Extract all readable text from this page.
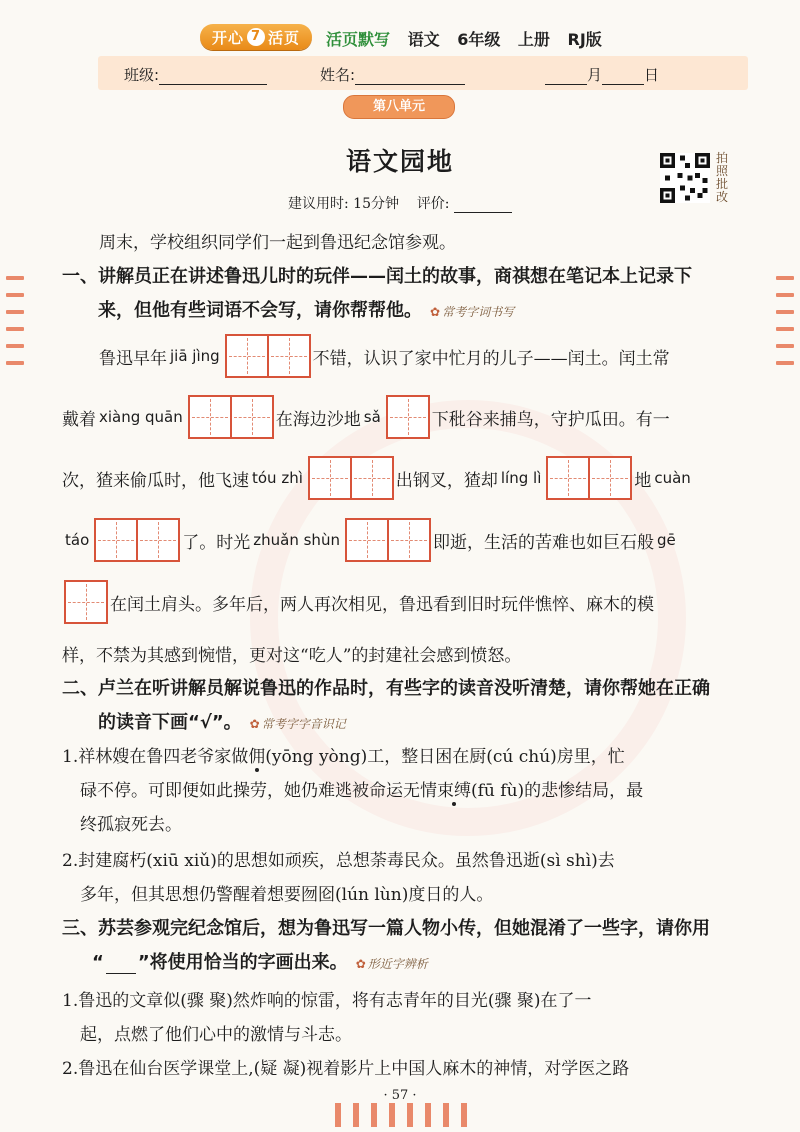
开心 7 活页 活页默写 语文 6年级 上册 RJ版
班级:	姓名:	月	日
第八单元
语文园地	拍照批改
建议用时: 15分钟 评价:
周末，学校组织同学们一起到鲁迅纪念馆参观。
一、讲解员正在讲述鲁迅儿时的玩伴——闰土的故事，商祺想在笔记本上记录下
来，但他有些词语不会写，请你帮帮他。 ✿ 常考字词书写
鲁迅早年 jiā jìng	不错，认识了家中忙月的儿子——闰土。闰土常
戴着 xiàng quān	在海边沙地 sǎ	下秕谷来捕鸟，守护瓜田。有一
次，猹来偷瓜时，他飞速 tóu zhì	出钢叉，猹却 líng lì	地 cuàn
táo	了。时光 zhuǎn shùn	即逝，生活的苦难也如巨石般 gē
在闰土肩头。多年后，两人再次相见，鲁迅看到旧时玩伴憔悴、麻木的模
样，不禁为其感到惋惜，更对这“吃人”的封建社会感到愤怒。
二、卢兰在听讲解员解说鲁迅的作品时，有些字的读音没听清楚，请你帮她在正确
的读音下画“√”。 ✿ 常考字字音识记
1.祥林嫂在鲁四老爷家做佣(yōng yòng)工，整日困在厨(cú chú)房里，忙
碌不停。可即便如此操劳，她仍难逃被命运无情束缚(fū fù)的悲惨结局，最
终孤寂死去。
2.封建腐朽(xiū xiǔ)的思想如顽疾，总想荼毒民众。虽然鲁迅逝(sì shì)去
多年，但其思想仍警醒着想要囫囵(lún lùn)度日的人。
三、苏芸参观完纪念馆后，想为鲁迅写一篇人物小传，但她混淆了一些字，请你用
“ ”将使用恰当的字画出来。 ✿ 形近字辨析
1.鲁迅的文章似(骤 聚)然炸响的惊雷，将有志青年的目光(骤 聚)在了一
起，点燃了他们心中的激情与斗志。
2.鲁迅在仙台医学课堂上,(疑 凝)视着影片上中国人麻木的神情，对学医之路
· 57 ·
